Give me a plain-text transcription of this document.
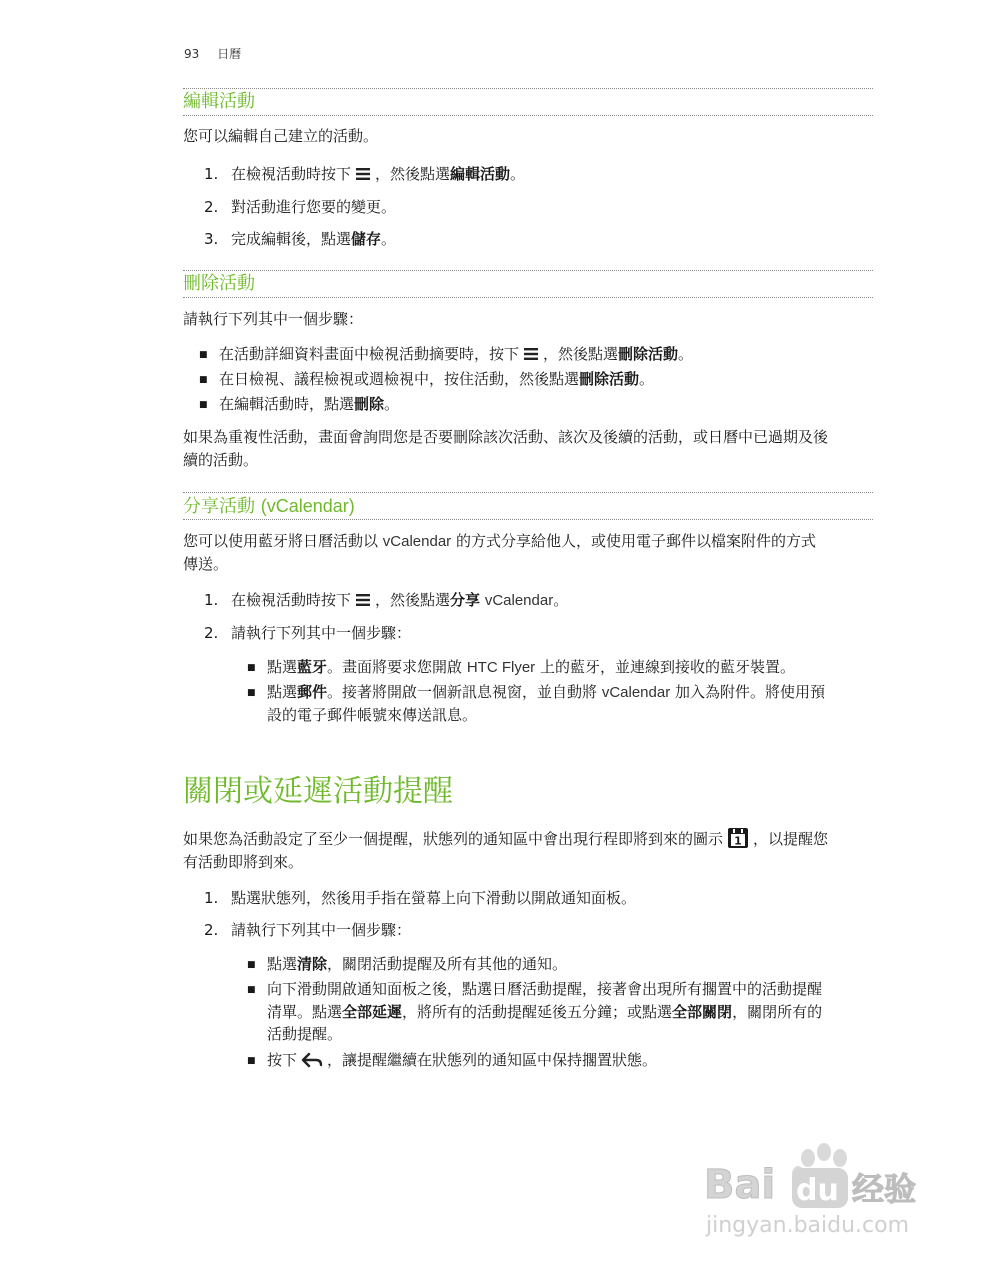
93 日曆
編輯活動
您可以編輯自己建立的活動。
1. 在檢視活動時按下 ，然後點選編輯活動。
2. 對活動進行您要的變更。
3. 完成編輯後，點選儲存。
刪除活動
請執行下列其中一個步驟：
■ 在活動詳細資料畫面中檢視活動摘要時，按下 ，然後點選刪除活動。
■ 在日檢視、議程檢視或週檢視中，按住活動，然後點選刪除活動。
■ 在編輯活動時，點選刪除。
如果為重複性活動，畫面會詢問您是否要刪除該次活動、該次及後續的活動，或日曆中已過期及後
續的活動。
分享活動 (vCalendar)
您可以使用藍牙將日曆活動以 vCalendar 的方式分享給他人，或使用電子郵件以檔案附件的方式
傳送。
1. 在檢視活動時按下 ，然後點選分享 vCalendar。
2. 請執行下列其中一個步驟：
■ 點選藍牙。畫面將要求您開啟 HTC Flyer 上的藍牙，並連線到接收的藍牙裝置。
■ 點選郵件。接著將開啟一個新訊息視窗，並自動將 vCalendar 加入為附件。將使用預
設的電子郵件帳號來傳送訊息。
關閉或延遲活動提醒
如果您為活動設定了至少一個提醒，狀態列的通知區中會出現行程即將到來的圖示 1 ，以提醒您
有活動即將到來。
1. 點選狀態列，然後用手指在螢幕上向下滑動以開啟通知面板。
2. 請執行下列其中一個步驟：
■ 點選清除，關閉活動提醒及所有其他的通知。
■ 向下滑動開啟通知面板之後，點選日曆活動提醒，接著會出現所有擱置中的活動提醒
清單。點選全部延遲，將所有的活動提醒延後五分鐘；或點選全部關閉，關閉所有的
活動提醒。
■ 按下 ，讓提醒繼續在狀態列的通知區中保持擱置狀態。
Bai du 经验
jingyan.baidu.com
